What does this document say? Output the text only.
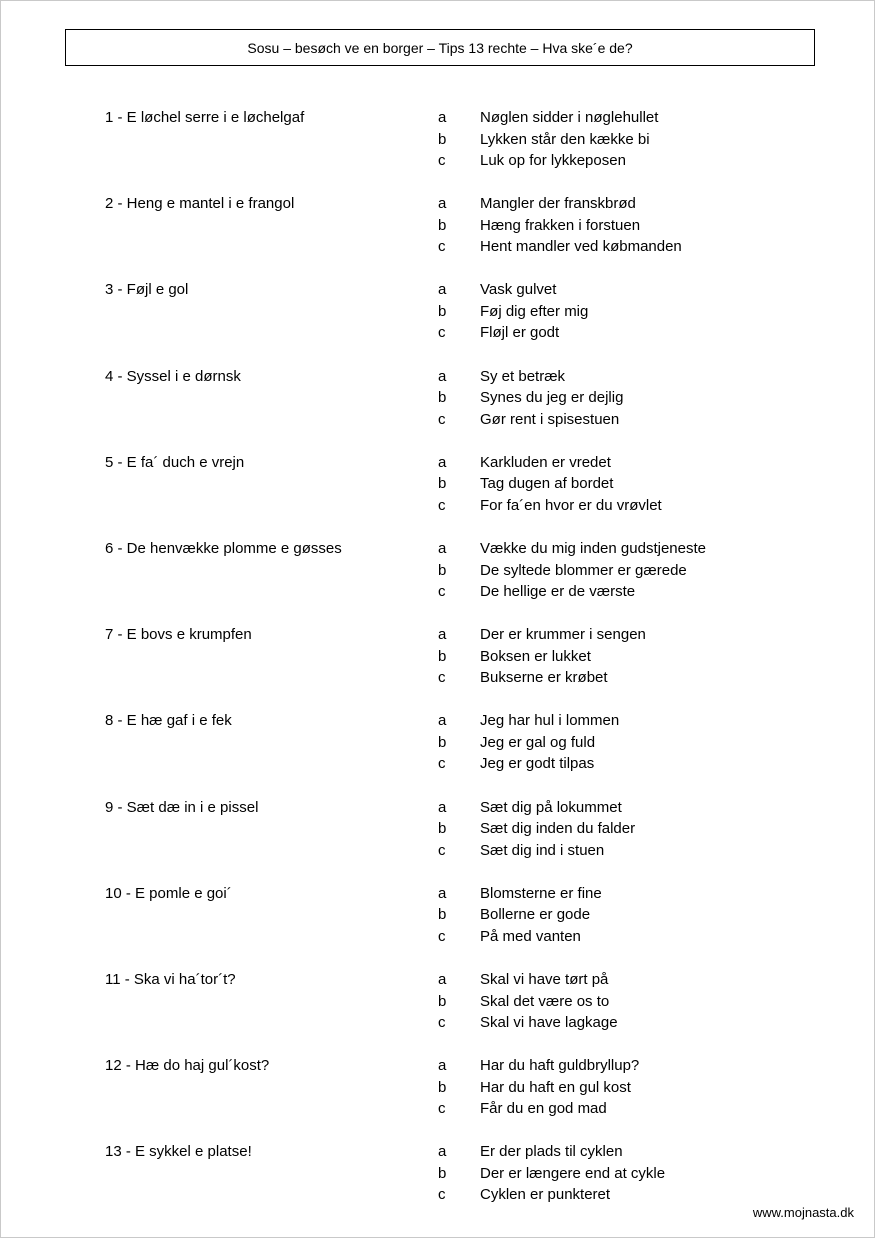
Sosu – besøch ve en borger – Tips 13 rechte – Hva ske´e de?
1 - E løchel serre i e løchelgaf	a Nøglen sidder i nøglehullet
b Lykken står den kække bi
c Luk op for lykkeposen
2 - Heng e mantel i e frangol	a Mangler der franskbrød
b Hæng frakken i forstuen
c Hent mandler ved købmanden
3 - Føjl e gol	a Vask gulvet
b Føj dig efter mig
c Fløjl er godt
4 - Syssel i e dørnsk	a Sy et betræk
b Synes du jeg er dejlig
c Gør rent i spisestuen
5 - E fa´ duch e vrejn	a Karkluden er vredet
b Tag dugen af bordet
c For fa´en hvor er du vrøvlet
6 - De henvække plomme e gøsses	a Vække du mig inden gudstjeneste
b De syltede blommer er gærede
c De hellige er de værste
7 - E bovs e krumpfen	a Der er krummer i sengen
b Boksen er lukket
c Bukserne er krøbet
8 - E hæ gaf i e fek	a Jeg har hul i lommen
b Jeg er gal og fuld
c Jeg er godt tilpas
9 - Sæt dæ in i e pissel	a Sæt dig på lokummet
b Sæt dig inden du falder
c Sæt dig ind i stuen
10 - E pomle e goi´	a Blomsterne er fine
b Bollerne er gode
c På med vanten
11 - Ska vi ha´tor´t?	a Skal vi have tørt på
b Skal det være os to
c Skal vi have lagkage
12 - Hæ do haj gul´kost?	a Har du haft guldbryllup?
b Har du haft en gul kost
c Får du en god mad
13 - E sykkel e platse!	a Er der plads til cyklen
b Der er længere end at cykle
c Cyklen er punkteret
www.mojnasta.dk
